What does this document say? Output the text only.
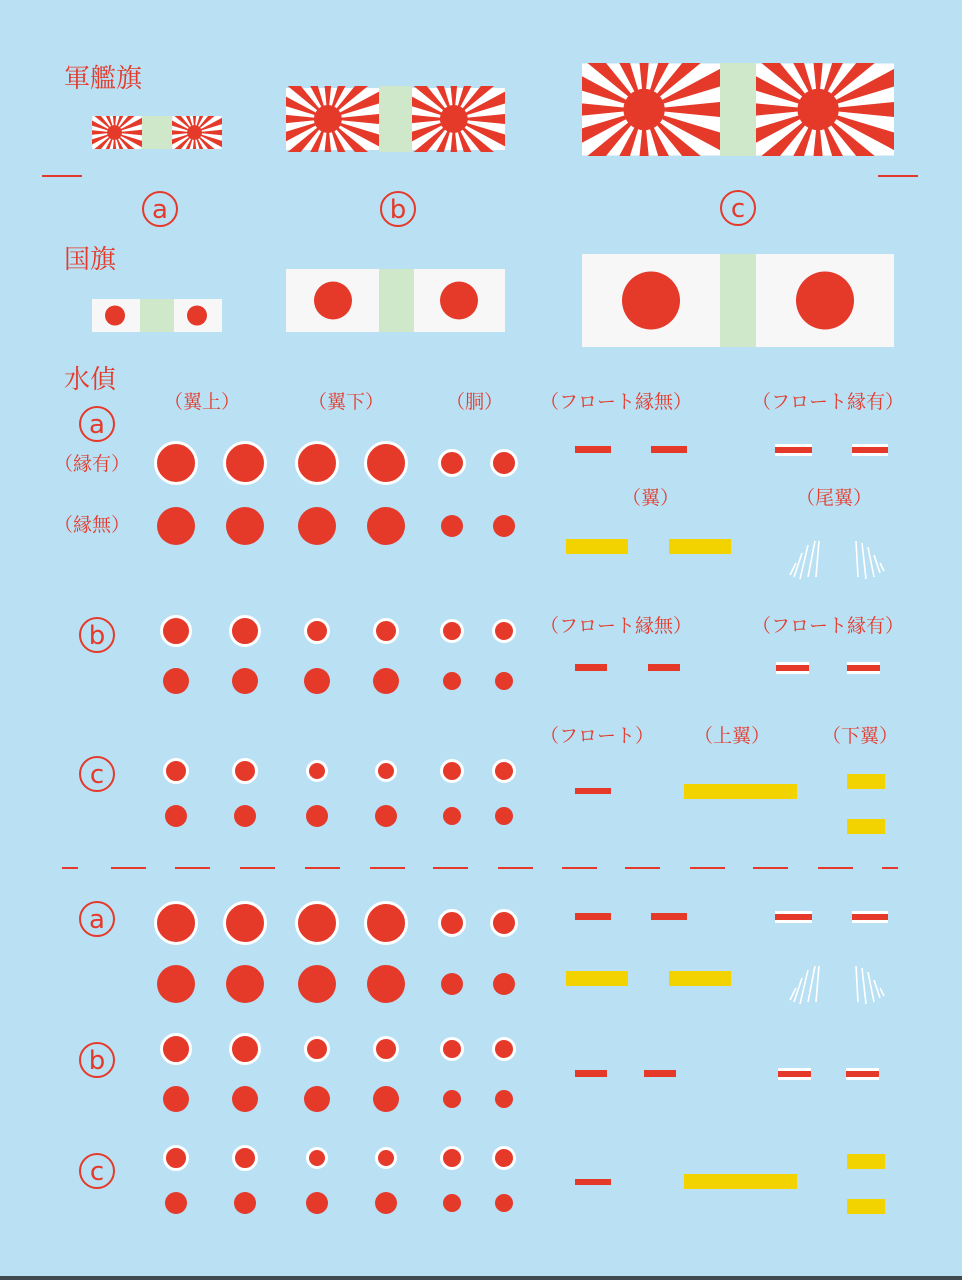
軍艦旗
a	b	c
国旗
水偵
（翼上）	（翼下）	（胴） （フロート縁無）	（フロート縁有）
a
（縁有）
（縁無）
（翼）	（尾翼）
b	（フロート縁無）	（フロート縁有）
c
（フロート） （上翼）	（下翼）
a
b
c
